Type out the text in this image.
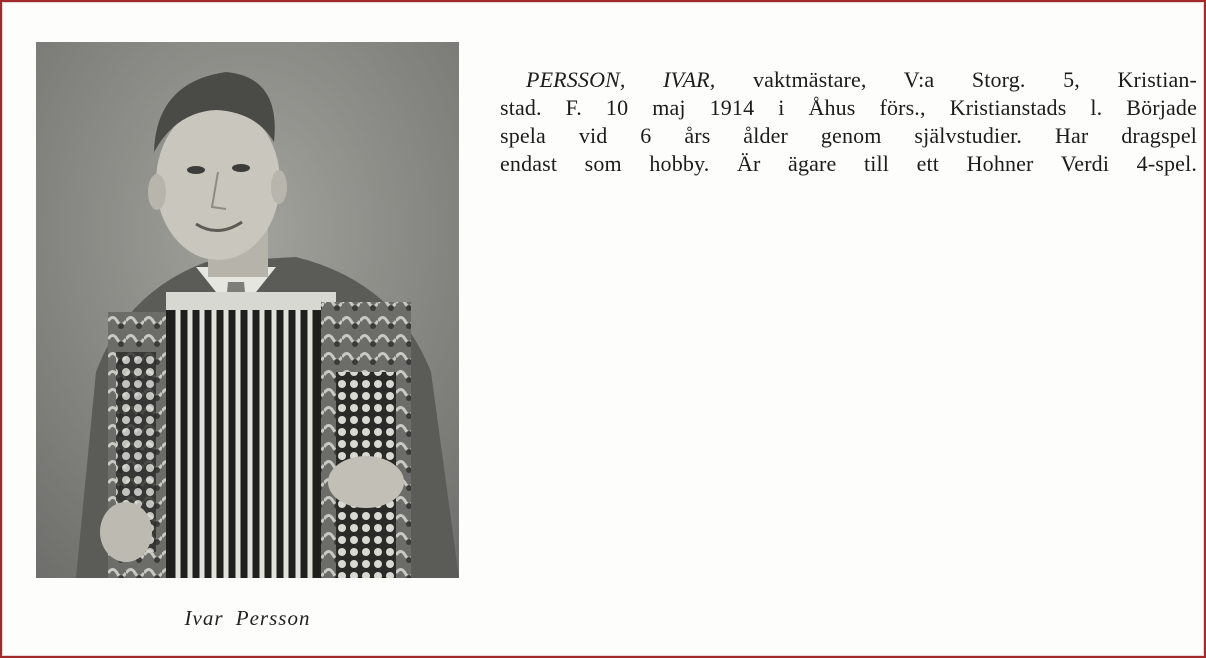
Ivar Persson
PERSSON, IVAR, vaktmästare, V:a Storg. 5, Kristian-
stad. F. 10 maj 1914 i Åhus förs., Kristianstads l. Började
spela vid 6 års ålder genom självstudier. Har dragspel
endast som hobby. Är ägare till ett Hohner Verdi 4-spel.
